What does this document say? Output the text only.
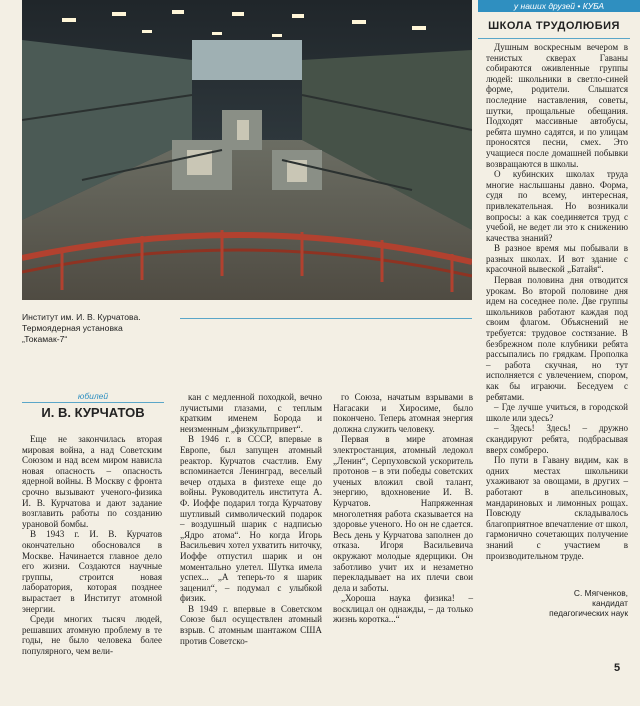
Институт им. И. В. Курчатова.
Термоядерная установка
„Токамак-7“
у наших друзей • КУБА
ШКОЛА ТРУДОЛЮБИЯ

Душным воскресным вечером в тенистых скверах Гаваны собираются оживленные группы людей: школьники в светло-синей форме, родители. Слышатся последние наставления, советы, шутки, прощальные обещания. Подходят массивные автобусы, ребята шумно садятся, и по улицам проносятся песни, смех. Это учащиеся после домашней побывки возвращаются в школы.

О кубинских школах труда многие наслышаны давно. Форма, судя по всему, интересная, привлекательная. Но возникали вопросы: а как соединяется труд с учебой, не ведет ли это к снижению качества знаний?

В разное время мы побывали в разных школах. И вот здание с красочной вывеской „Батайя“.

Первая половина дня отводится урокам. Во второй половине дня идем на соседнее поле. Две группы школьников работают каждая под своим флагом. Объяснений не требуется: трудовое состязание. В безбрежном поле клубники ребята рассыпались по грядкам. Прополка – работа скучная, но тут исполняется с увлечением, спором, как бы играючи. Беседуем с ребятами.

– Где лучше учиться, в городской школе или здесь?

– Здесь! Здесь! – дружно скандируют ребята, подбрасывая вверх сомбреро.

По пути в Гавану видим, как в одних местах школьники ухаживают за овощами, в других – работают в апельсиновых, мандариновых и лимонных рощах. Повсюду складывалось благоприятное впечатление от школ, гармонично сочетающих получение знаний с участием в производительном труде.

С. Мягченков,
кандидат
педагогических наук
юбилей
И. В. КУРЧАТОВ

Еще не закончилась вторая мировая война, а над Советским Союзом и над всем миром нависла новая опасность – опасность ядерной войны. В Москву с фронта срочно вызывают ученого-физика И. В. Курчатова и дают задание возглавить работы по созданию урановой бомбы.

В 1943 г. И. В. Курчатов окончательно обосновался в Москве. Начинается главное дело его жизни. Создаются научные группы, строится новая лаборатория, которая позднее вырастает в Институт атомной энергии.

Среди многих тысяч людей, решавших атомную проблему в те годы, не было человека более популярного, чем вели-

кан с медленной походкой, вечно лучистыми глазами, с теплым кратким именем Борода и неизменным „физкультпривет“.

В 1946 г. в СССР, впервые в Европе, был запущен атомный реактор. Курчатов счастлив. Ему вспоминается Ленинград, веселый вечер отдыха в физтехе еще до войны. Руководитель института А. Ф. Иоффе подарил тогда Курчатову шутливый символический подарок – воздушный шарик с надписью „Ядро атома“. Но когда Игорь Васильевич хотел ухватить ниточку, Иоффе отпустил шарик и он моментально улетел. Шутка имела успех... „А теперь-то я шарик заценил“, – подумал с улыбкой физик.

В 1949 г. впервые в Советском Союзе был осуществлен атомный взрыв. С атомным шантажом США против Советско-

го Союза, начатым взрывами в Нагасаки и Хиросиме, было покончено. Теперь атомная энергия должна служить человеку.

Первая в мире атомная электростанция, атомный ледокол „Ленин“, Серпуховской ускоритель протонов – в эти победы советских ученых вложил свой талант, энергию, вдохновение И. В. Курчатов. Напряженная многолетняя работа сказывается на здоровье ученого. Но он не сдается. Весь день у Курчатова заполнен до отказа. Игоря Васильевича окружают молодые ядерщики. Он заботливо учит их и незаметно перекладывает на их плечи свои дела и заботы.

„Хороша наука физика! – восклицал он однажды, – да только жизнь коротка...“

5
